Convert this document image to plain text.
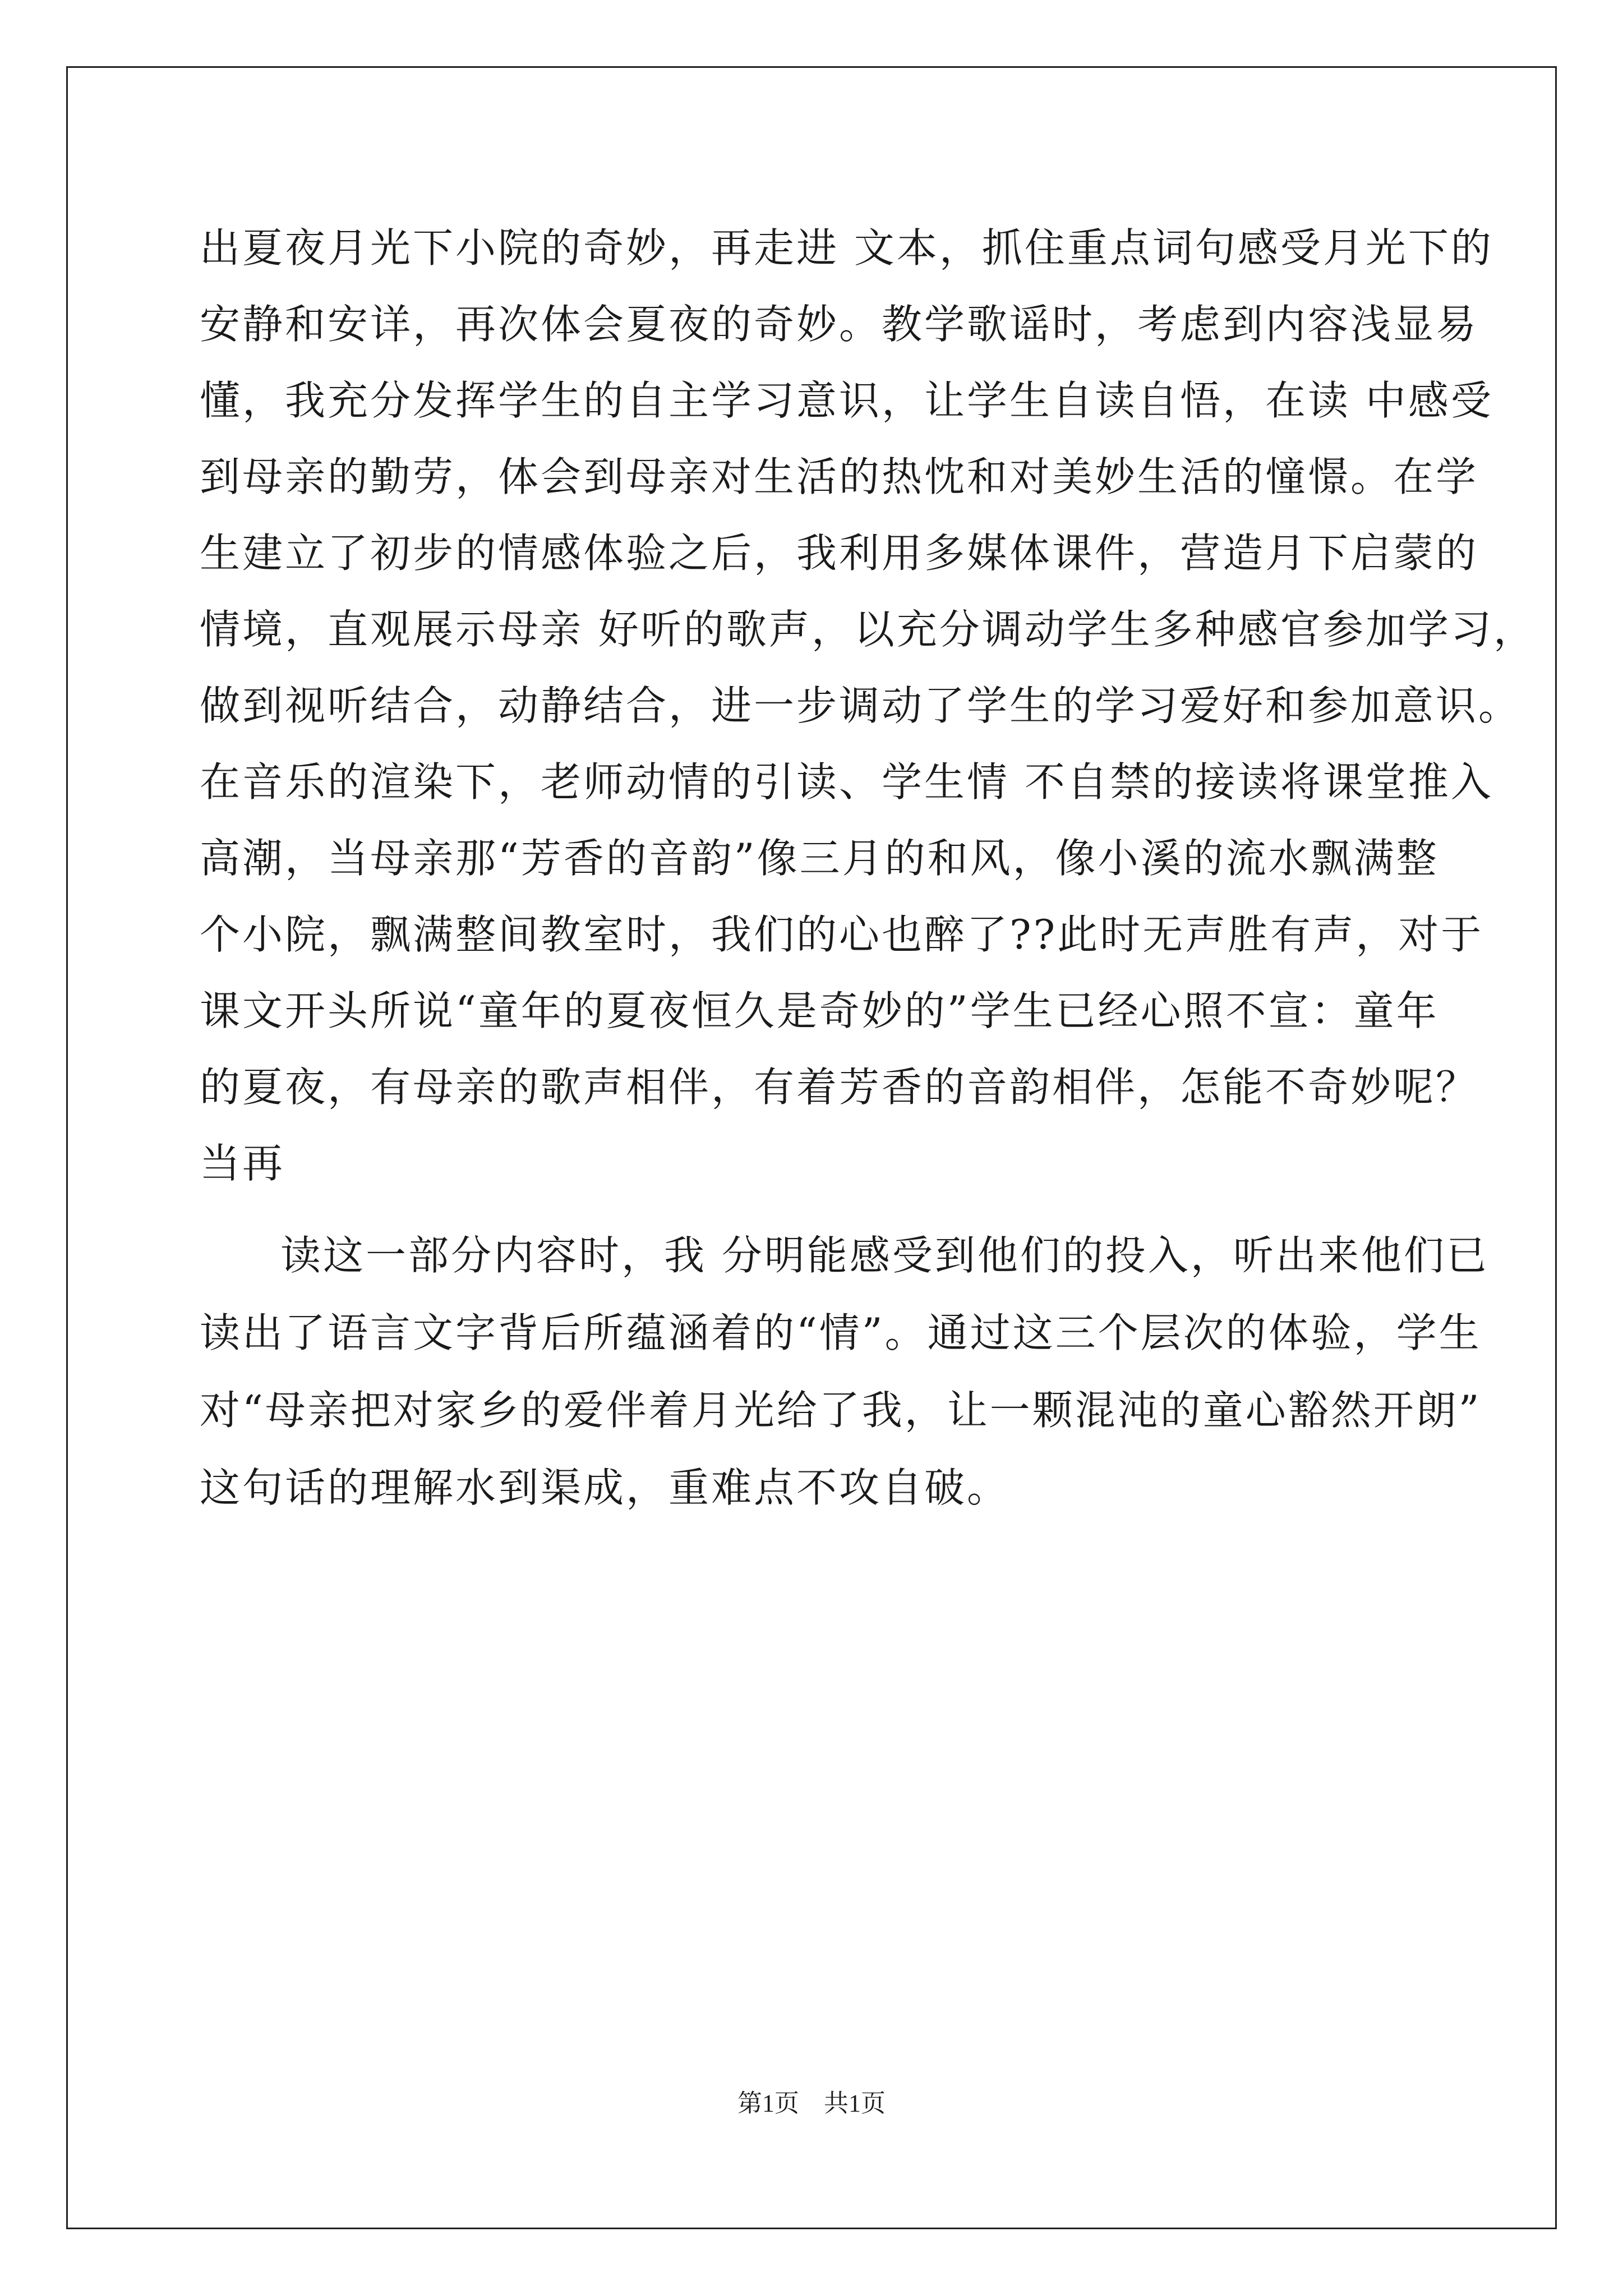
出夏夜月光下小院的奇妙，再走进 文本，抓住重点词句感受月光下的
安静和安详，再次体会夏夜的奇妙。教学歌谣时，考虑到内容浅显易
懂，我充分发挥学生的自主学习意识，让学生自读自悟，在读 中感受
到母亲的勤劳，体会到母亲对生活的热忱和对美妙生活的憧憬。在学
生建立了初步的情感体验之后，我利用多媒体课件，营造月下启蒙的
情境，直观展示母亲 好听的歌声，以充分调动学生多种感官参加学习，
做到视听结合，动静结合，进一步调动了学生的学习爱好和参加意识。
在音乐的渲染下，老师动情的引读、学生情 不自禁的接读将课堂推入
高潮，当母亲那“芳香的音韵”像三月的和风，像小溪的流水飘满整
个小院，飘满整间教室时，我们的心也醉了??此时无声胜有声，对于
课文开头所说“童年的夏夜恒久是奇妙的”学生已经心照不宣：童年
的夏夜，有母亲的歌声相伴，有着芳香的音韵相伴，怎能不奇妙呢？
当再
读这一部分内容时，我 分明能感受到他们的投入，听出来他们已
读出了语言文字背后所蕴涵着的“情”。通过这三个层次的体验，学生
对“母亲把对家乡的爱伴着月光给了我，让一颗混沌的童心豁然开朗”
这句话的理解水到渠成，重难点不攻自破。
第1页 共1页
